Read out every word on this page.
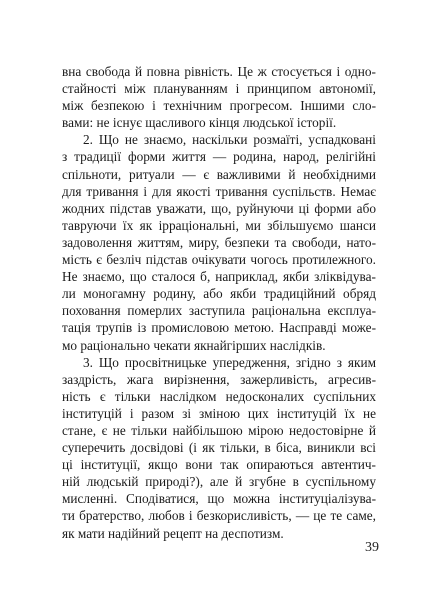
вна свобода й повна рівність. Це ж стосується і одно-
стайності між плануванням і принципом автономії,
між безпекою і технічним прогресом. Іншими сло-
вами: не існує щасливого кінця людської історії.
2. Що не знаємо, наскільки розмаїті, успадковані
з традиції форми життя — родина, народ, релігійні
спільноти, ритуали — є важливими й необхідними
для тривання і для якості тривання суспільств. Немає
жодних підстав уважати, що, руйнуючи ці форми або
тавруючи їх як ірраціональні, ми збільшуємо шанси
задоволення життям, миру, безпеки та свободи, натo-
мість є безліч підстав очікувати чогось протилежного.
Не знаємо, що сталося б, наприклад, якби зліквідува-
ли моногамну родину, або якби традиційний обряд
поховання померлих заступила раціональна експлуа-
тація трупів із промисловою метою. Насправді може-
мо раціонально чекати якнайгірших наслідків.
3. Що просвітницьке упередження, згідно з яким
заздрість, жага вирізнення, зажерливість, агресив-
ність є тільки наслідком недосконалих суспільних
інституцій і разом зі зміною цих інституцій їх не
стане, є не тільки найбільшою мірою недостовірне й
суперечить досвідові (і як тільки, в біса, виникли всі
ці інституції, якщо вони так опираються автентич-
ній людській природі?), але й згубне в суспільному
мисленні. Сподіватися, що можна інституціалізува-
ти братерство, любов і безкорисливість, — це те саме,
як мати надійний рецепт на деспотизм.
39
